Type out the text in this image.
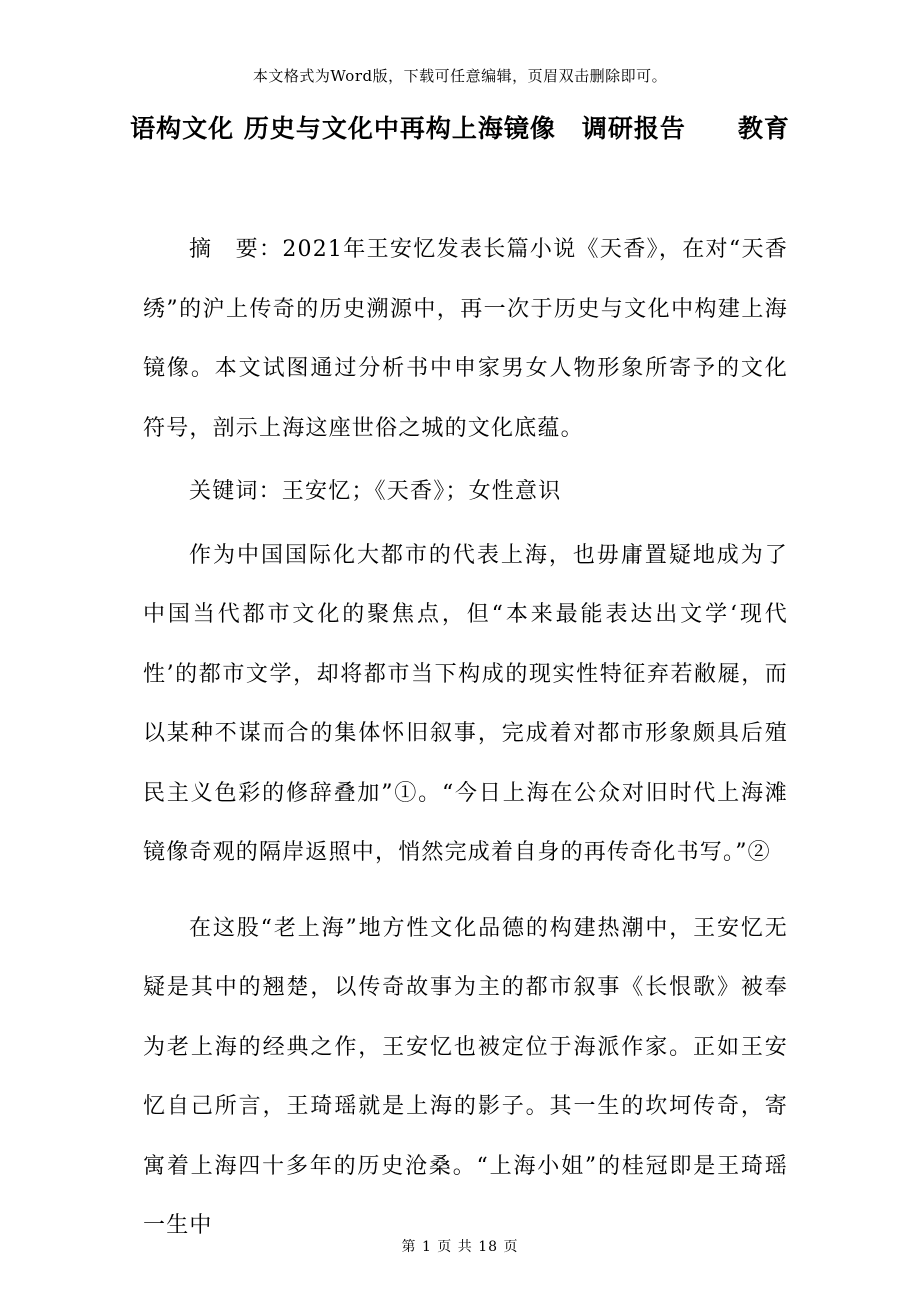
本文格式为Word版，下载可任意编辑，页眉双击删除即可。
语构文化 历史与文化中再构上海镜像　调研报告　　教育

摘　要：2021年王安忆发表长篇小说《天香》，在对“天香绣”的沪上传奇的历史溯源中，再一次于历史与文化中构建上海镜像。本文试图通过分析书中申家男女人物形象所寄予的文化符号，剖示上海这座世俗之城的文化底蕴。

关键词：王安忆；《天香》；女性意识

作为中国国际化大都市的代表上海，也毋庸置疑地成为了中国当代都市文化的聚焦点，但“本来最能表达出文学‘现代性’的都市文学，却将都市当下构成的现实性特征弃若敝屣，而以某种不谋而合的集体怀旧叙事，完成着对都市形象颇具后殖民主义色彩的修辞叠加”①。“今日上海在公众对旧时代上海滩镜像奇观的隔岸返照中，悄然完成着自身的再传奇化书写。”②

在这股“老上海”地方性文化品德的构建热潮中，王安忆无疑是其中的翘楚，以传奇故事为主的都市叙事《长恨歌》被奉为老上海的经典之作，王安忆也被定位于海派作家。正如王安忆自己所言，王琦瑶就是上海的影子。其一生的坎坷传奇，寄寓着上海四十多年的历史沧桑。“上海小姐”的桂冠即是王琦瑶一生中

第 1 页 共 18 页
